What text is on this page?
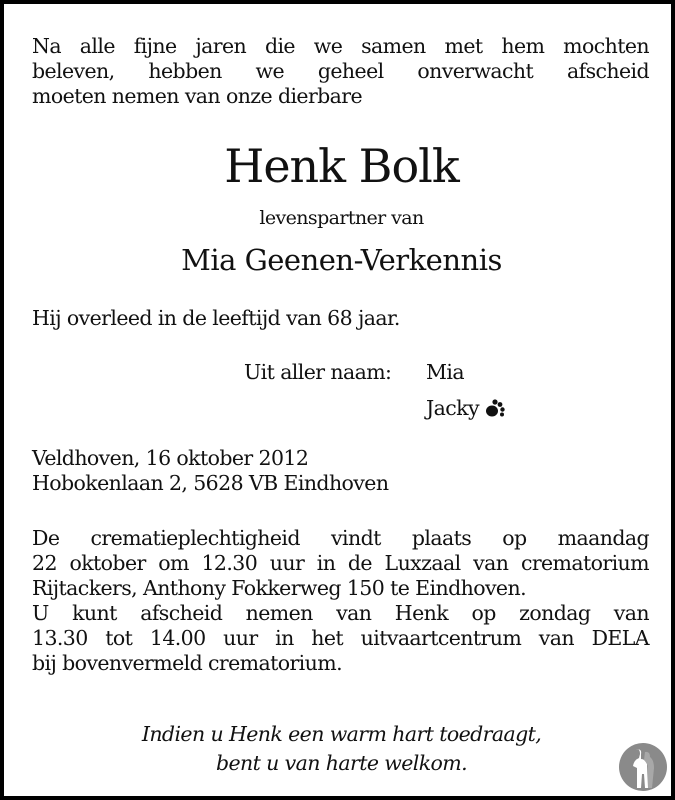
Na alle fijne jaren die we samen met hem mochten
beleven, hebben we geheel onverwacht afscheid
moeten nemen van onze dierbare
Henk Bolk
levenspartner van
Mia Geenen-Verkennis
Hij overleed in de leeftijd van 68 jaar.
Uit aller naam: Mia
Jacky
Veldhoven, 16 oktober 2012
Hobokenlaan 2, 5628 VB Eindhoven
De crematieplechtigheid vindt plaats op maandag
22 oktober om 12.30 uur in de Luxzaal van crematorium
Rijtackers, Anthony Fokkerweg 150 te Eindhoven.
U kunt afscheid nemen van Henk op zondag van
13.30 tot 14.00 uur in het uitvaartcentrum van DELA
bij bovenvermeld crematorium.
Indien u Henk een warm hart toedraagt,
bent u van harte welkom.
